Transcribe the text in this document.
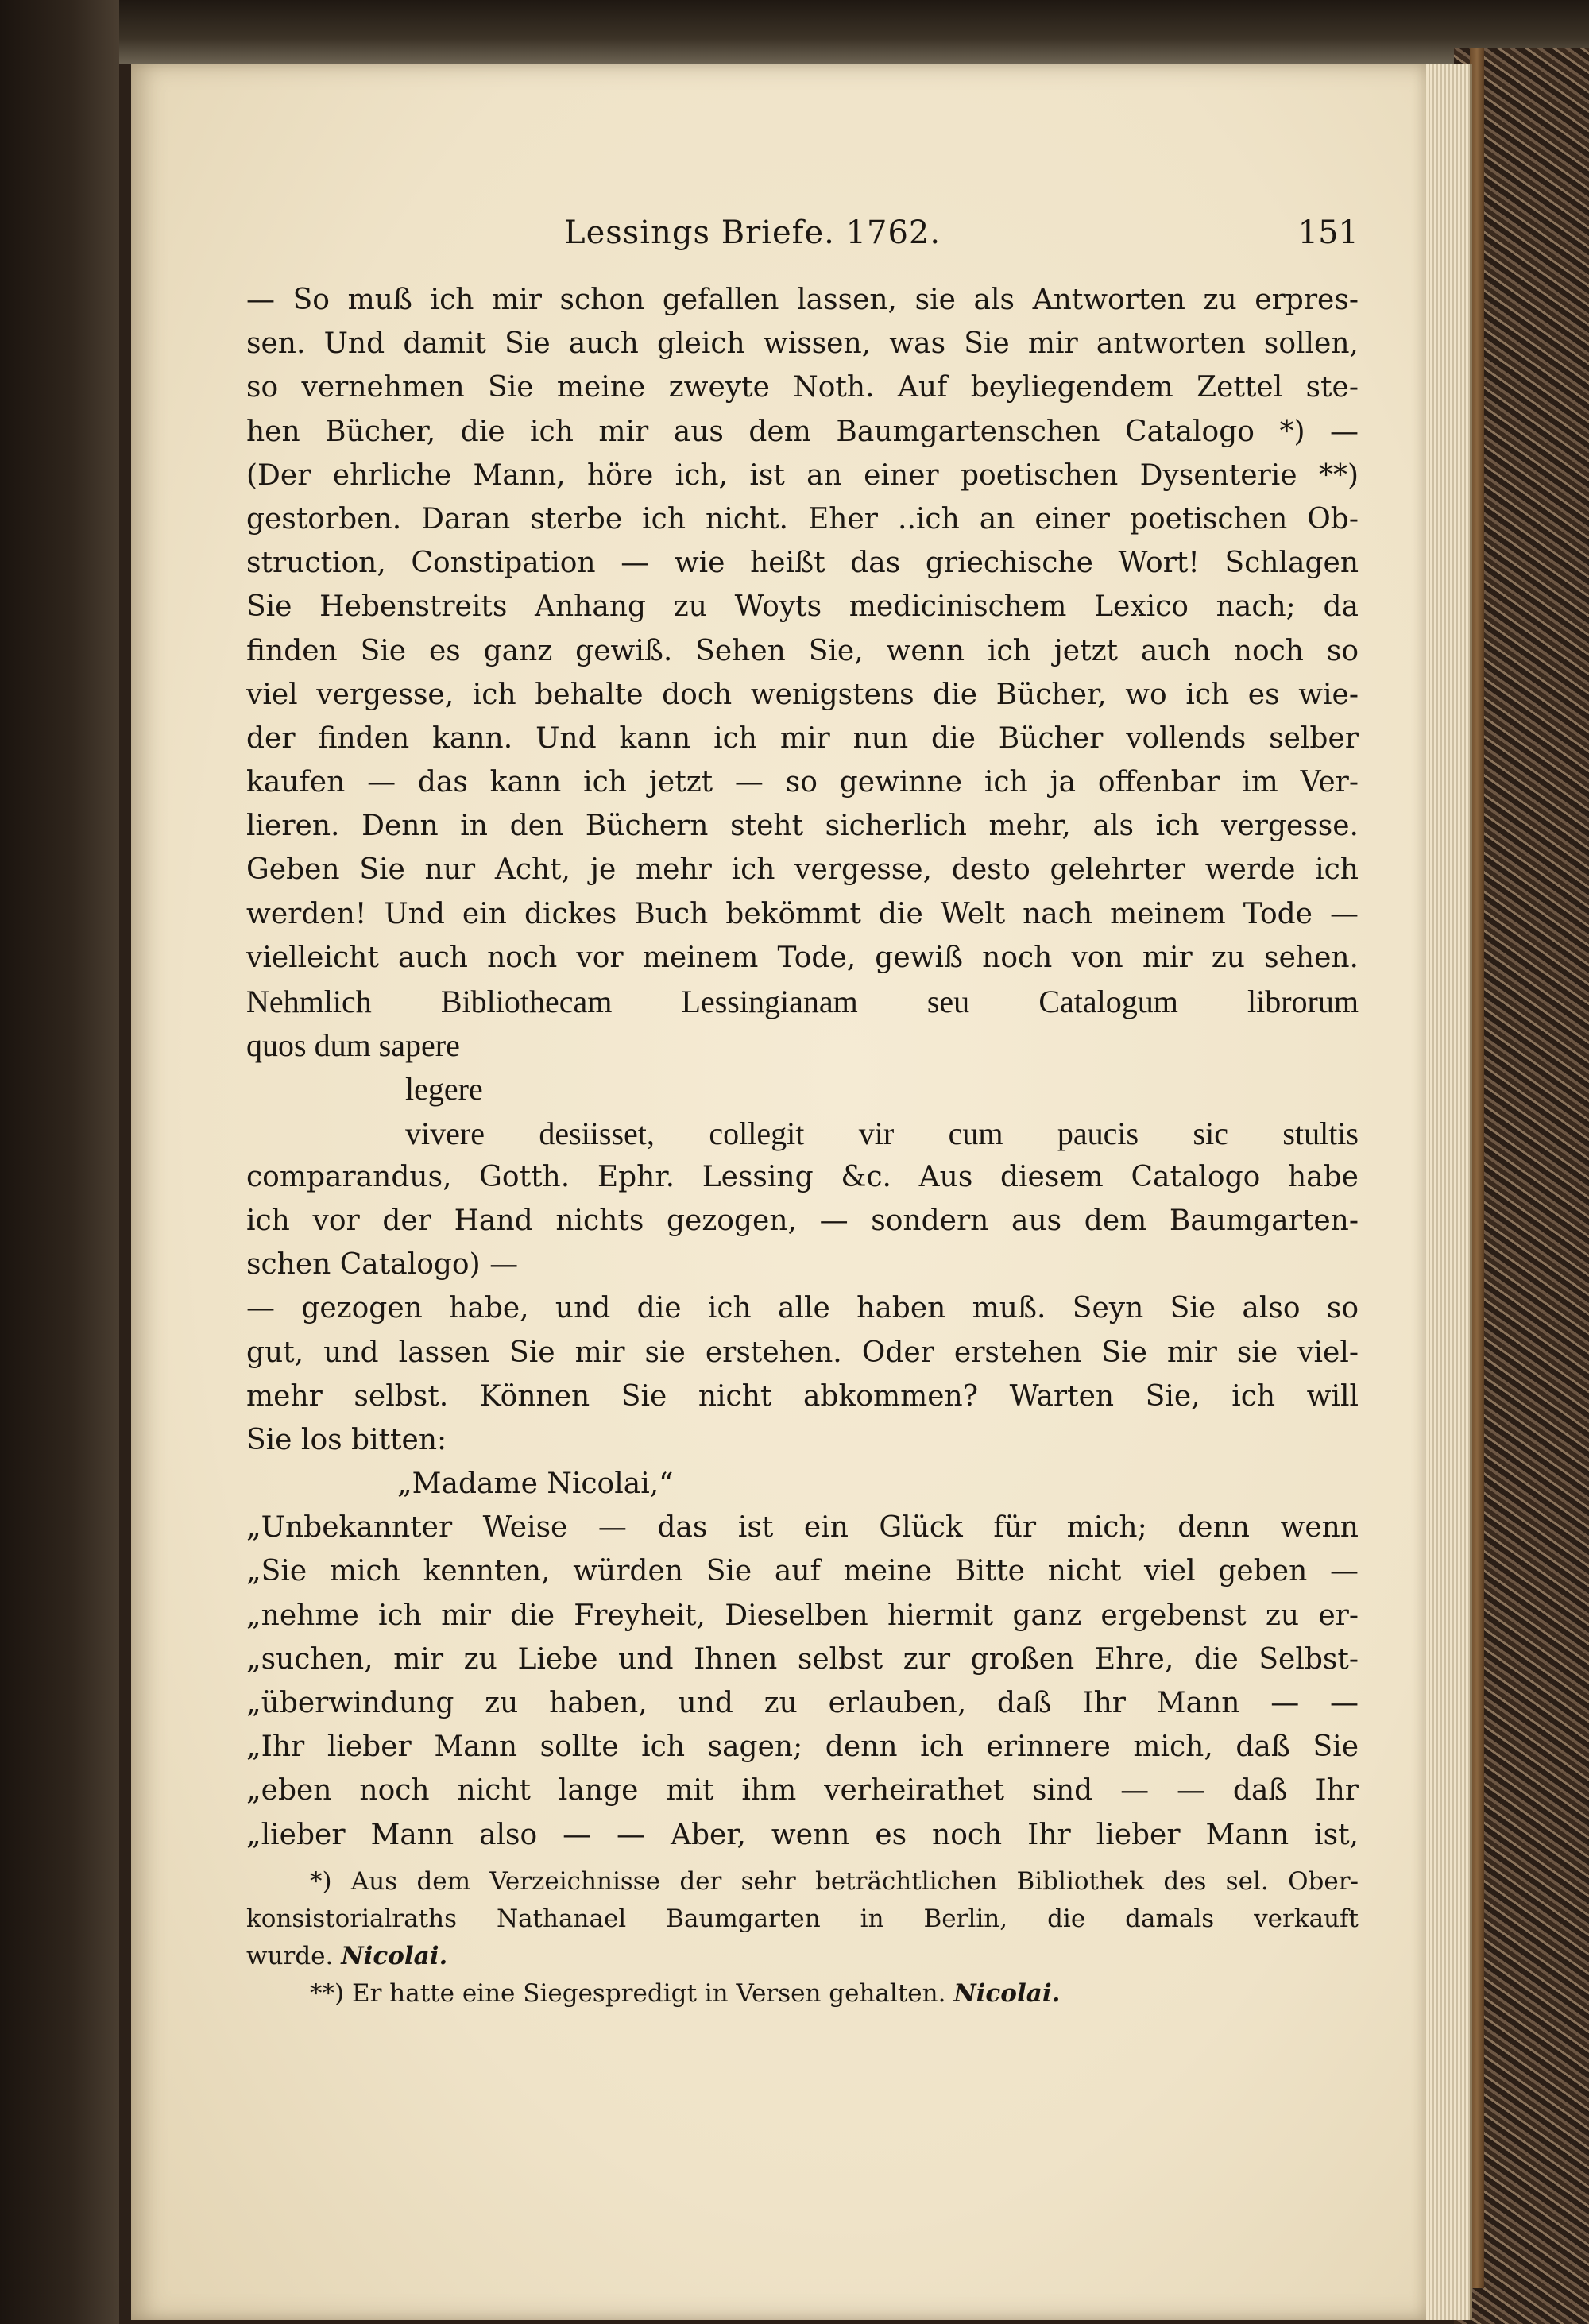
Lessings Briefe. 1762.	151
— So muß ich mir schon gefallen lassen, sie als Antworten zu erpres-
sen. Und damit Sie auch gleich wissen, was Sie mir antworten sollen,
so vernehmen Sie meine zweyte Noth. Auf beyliegendem Zettel ste-
hen Bücher, die ich mir aus dem Baumgartenschen Catalogo *) —
(Der ehrliche Mann, höre ich, ist an einer poetischen Dysenterie **)
gestorben. Daran sterbe ich nicht. Eher ..ich an einer poetischen Ob-
struction, Constipation — wie heißt das griechische Wort! Schlagen
Sie Hebenstreits Anhang zu Woyts medicinischem Lexico nach; da
finden Sie es ganz gewiß. Sehen Sie, wenn ich jetzt auch noch so
viel vergesse, ich behalte doch wenigstens die Bücher, wo ich es wie-
der finden kann. Und kann ich mir nun die Bücher vollends selber
kaufen — das kann ich jetzt — so gewinne ich ja offenbar im Ver-
lieren. Denn in den Büchern steht sicherlich mehr, als ich vergesse.
Geben Sie nur Acht, je mehr ich vergesse, desto gelehrter werde ich
werden! Und ein dickes Buch bekömmt die Welt nach meinem Tode —
vielleicht auch noch vor meinem Tode, gewiß noch von mir zu sehen.
Nehmlich Bibliothecam Lessingianam seu Catalogum librorum
quos dum sapere
legere
vivere desiisset, collegit vir cum paucis sic stultis
comparandus, Gotth. Ephr. Lessing &c. Aus diesem Catalogo habe
ich vor der Hand nichts gezogen, — sondern aus dem Baumgarten-
schen Catalogo) —
— gezogen habe, und die ich alle haben muß. Seyn Sie also so
gut, und lassen Sie mir sie erstehen. Oder erstehen Sie mir sie viel-
mehr selbst. Können Sie nicht abkommen? Warten Sie, ich will
Sie los bitten:
„Madame Nicolai,“
„Unbekannter Weise — das ist ein Glück für mich; denn wenn
„Sie mich kennten, würden Sie auf meine Bitte nicht viel geben —
„nehme ich mir die Freyheit, Dieselben hiermit ganz ergebenst zu er-
„suchen, mir zu Liebe und Ihnen selbst zur großen Ehre, die Selbst-
„überwindung zu haben, und zu erlauben, daß Ihr Mann — —
„Ihr lieber Mann sollte ich sagen; denn ich erinnere mich, daß Sie
„eben noch nicht lange mit ihm verheirathet sind — — daß Ihr
„lieber Mann also — — Aber, wenn es noch Ihr lieber Mann ist,
*) Aus dem Verzeichnisse der sehr beträchtlichen Bibliothek des sel. Ober-
konsistorialraths Nathanael Baumgarten in Berlin, die damals verkauft
wurde. Nicolai.
**) Er hatte eine Siegespredigt in Versen gehalten. Nicolai.
